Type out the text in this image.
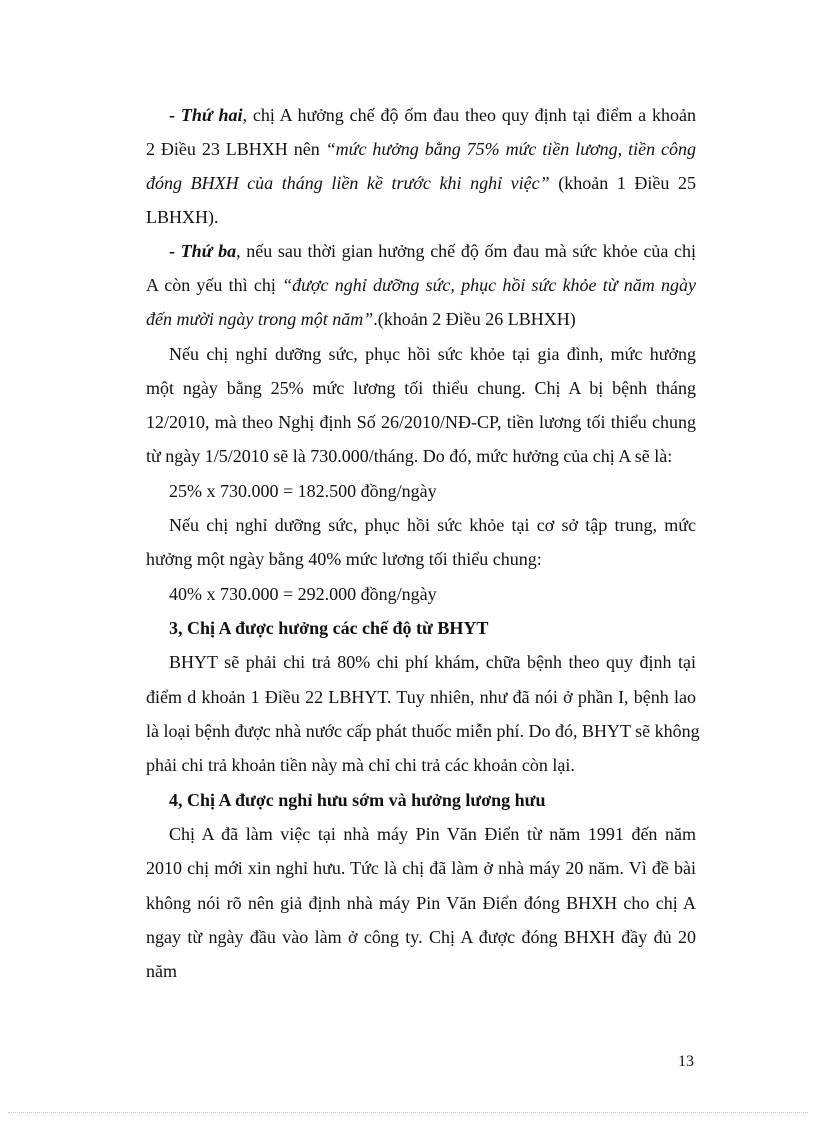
- Thứ hai, chị A hưởng chế độ ốm đau theo quy định tại điểm a khoản
2 Điều 23 LBHXH nên “mức hưởng bằng 75% mức tiền lương, tiền công
đóng BHXH của tháng liền kề trước khi nghỉ việc” (khoản 1 Điều 25
LBHXH).
- Thứ ba, nếu sau thời gian hưởng chế độ ốm đau mà sức khỏe của chị
A còn yếu thì chị “được nghỉ dưỡng sức, phục hồi sức khỏe từ năm ngày
đến mười ngày trong một năm”.(khoản 2 Điều 26 LBHXH)
Nếu chị nghỉ dưỡng sức, phục hồi sức khỏe tại gia đình, mức hưởng
một ngày bằng 25% mức lương tối thiểu chung. Chị A bị bệnh tháng
12/2010, mà theo Nghị định Số 26/2010/NĐ-CP, tiền lương tối thiểu chung
từ ngày 1/5/2010 sẽ là 730.000/tháng. Do đó, mức hưởng của chị A sẽ là:
25% x 730.000 = 182.500 đồng/ngày
Nếu chị nghỉ dưỡng sức, phục hồi sức khỏe tại cơ sở tập trung, mức
hưởng một ngày bằng 40% mức lương tối thiểu chung:
40% x 730.000 = 292.000 đồng/ngày
3, Chị A được hưởng các chế độ từ BHYT
BHYT sẽ phải chi trả 80% chi phí khám, chữa bệnh theo quy định tại
điểm d khoản 1 Điều 22 LBHYT. Tuy nhiên, như đã nói ở phần I, bệnh lao
là loại bệnh được nhà nước cấp phát thuốc miễn phí. Do đó, BHYT sẽ không
phải chi trả khoản tiền này mà chỉ chi trả các khoản còn lại.
4, Chị A được nghỉ hưu sớm và hưởng lương hưu
Chị A đã làm việc tại nhà máy Pin Văn Điển từ năm 1991 đến năm
2010 chị mới xin nghỉ hưu. Tức là chị đã làm ở nhà máy 20 năm. Vì đề bài
không nói rõ nên giả định nhà máy Pin Văn Điển đóng BHXH cho chị A
ngay từ ngày đầu vào làm ở công ty. Chị A được đóng BHXH đầy đủ 20
năm
13
